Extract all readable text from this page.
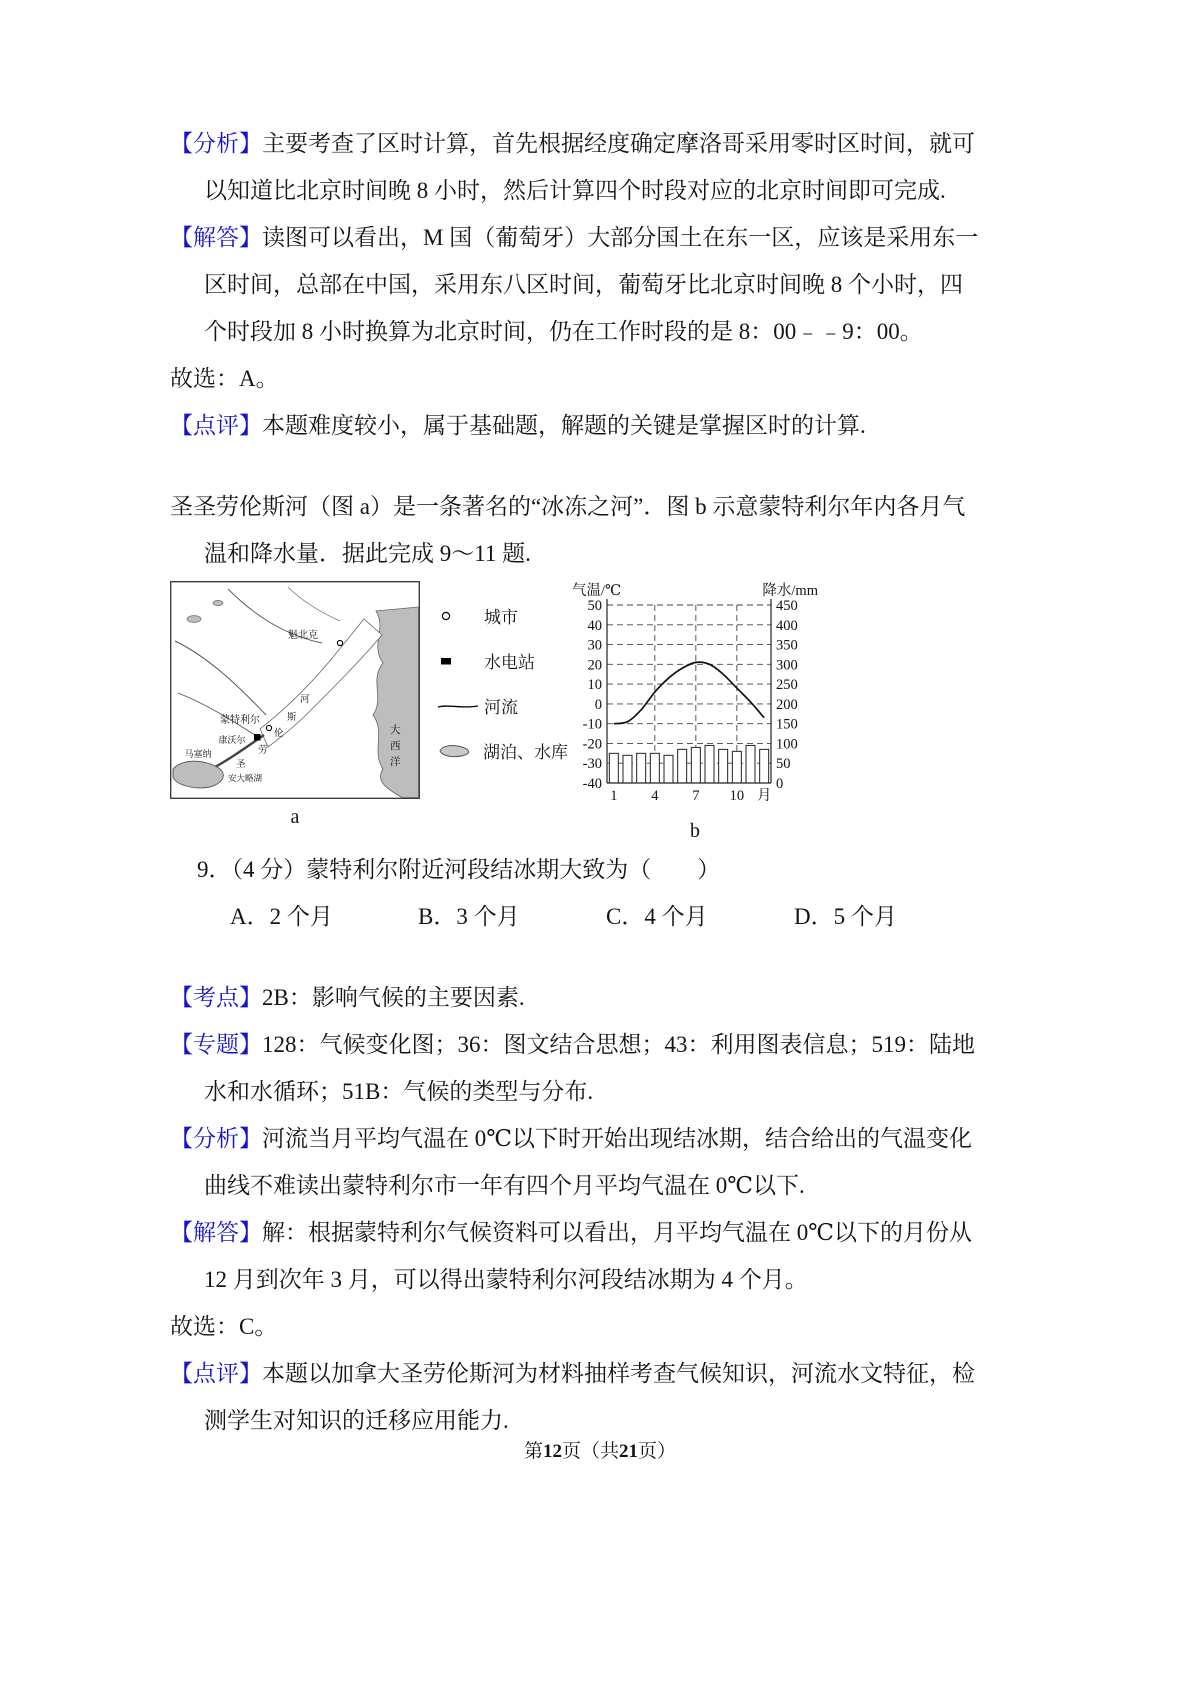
【分析】主要考查了区时计算，首先根据经度确定摩洛哥采用零时区时间，就可
以知道比北京时间晚 8 小时，然后计算四个时段对应的北京时间即可完成.
【解答】读图可以看出，M 国（葡萄牙）大部分国土在东一区，应该是采用东一
区时间，总部在中国，采用东八区时间，葡萄牙比北京时间晚 8 个小时，四
个时段加 8 小时换算为北京时间，仍在工作时段的是 8：00﹣﹣9：00。
故选：A。
【点评】本题难度较小，属于基础题，解题的关键是掌握区时的计算.
圣圣劳伦斯河（图 a）是一条著名的“冰冻之河”．图 b 示意蒙特利尔年内各月气
温和降水量．据此完成 9～11 题.
魁北克
蒙特利尔
康沃尔
马塞纳
河
斯
伦
劳
圣
安大略湖
大
西
洋
a
城市
水电站
河流
湖泊、水库
50
40
30
20
10
0
-10
-20
-30
-40
450
400
350
300
250
200
150
100
50
0
1 4 7 10 月
气温/℃	降水/mm
b
9．（4 分）蒙特利尔附近河段结冰期大致为（　　）
A．2 个月	B．3 个月	C．4 个月	D．5 个月
【考点】2B：影响气候的主要因素.
【专题】128：气候变化图；36：图文结合思想；43：利用图表信息；519：陆地
水和水循环；51B：气候的类型与分布.
【分析】河流当月平均气温在 0℃以下时开始出现结冰期，结合给出的气温变化
曲线不难读出蒙特利尔市一年有四个月平均气温在 0℃以下.
【解答】解：根据蒙特利尔气候资料可以看出，月平均气温在 0℃以下的月份从
12 月到次年 3 月，可以得出蒙特利尔河段结冰期为 4 个月。
故选：C。
【点评】本题以加拿大圣劳伦斯河为材料抽样考查气候知识，河流水文特征，检
测学生对知识的迁移应用能力.
第12页（共21页）
